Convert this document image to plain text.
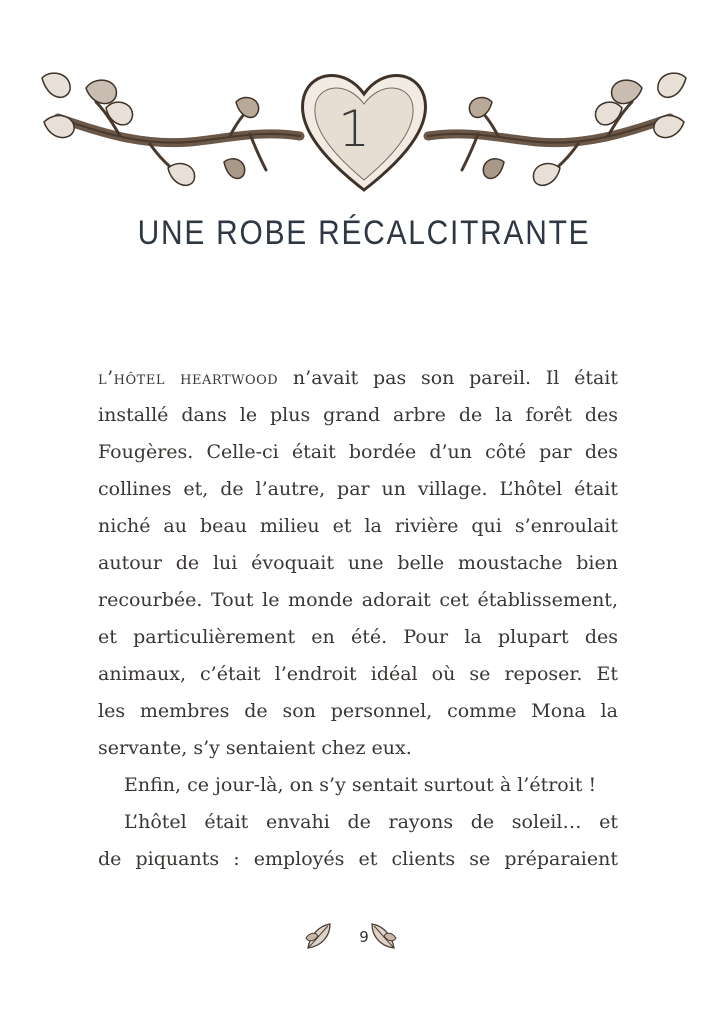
1
UNE ROBE RÉCALCITRANTE
l’hôtel heartwood n’avait pas son pareil. Il était
installé dans le plus grand arbre de la forêt des
Fougères. Celle-ci était bordée d’un côté par des
collines et, de l’autre, par un village. L’hôtel était
niché au beau milieu et la rivière qui s’enroulait
autour de lui évoquait une belle moustache bien
recourbée. Tout le monde adorait cet établissement,
et particulièrement en été. Pour la plupart des
animaux, c’était l’endroit idéal où se reposer. Et
les membres de son personnel, comme Mona la
servante, s’y sentaient chez eux.
Enfin, ce jour-là, on s’y sentait surtout à l’étroit !
L’hôtel était envahi de rayons de soleil… et
de piquants : employés et clients se préparaient
9
